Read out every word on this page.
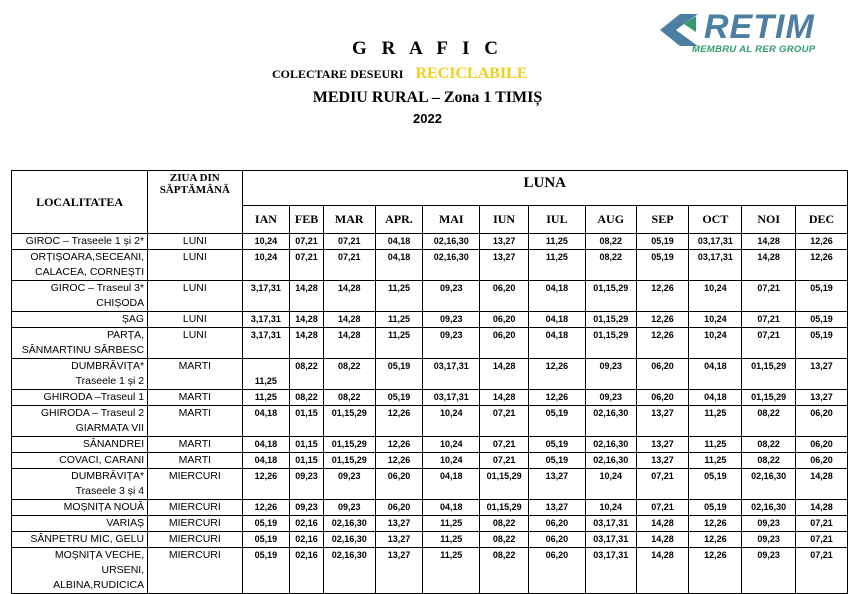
G R A F I C
COLECTARE DESEURI RECICLABILE
MEDIU RURAL – Zona 1 TIMIȘ
2022
RETIM
MEMBRU AL RER GROUP
LOCALITATEA	ZIUA DIN
SĂPTĂMÂNĂ	LUNA											
		IAN	FEB	MAR	APR.	MAI	IUN	IUL	AUG	SEP	OCT	NOI	DEC

GIROC – Traseele 1 și 2*	LUNI	10,24	07,21	07,21	04,18	02,16,30	13,27	11,25	08,22	05,19	03,17,31	14,28	12,26

ORȚIȘOARA,SECEANI,
CALACEA, CORNEȘTI	LUNI	10,24	07,21	07,21	04,18	02,16,30	13,27	11,25	08,22	05,19	03,17,31	14,28	12,26

GIROC – Traseul 3*
CHIȘODA	LUNI	3,17,31	14,28	14,28	11,25	09,23	06,20	04,18	01,15,29	12,26	10,24	07,21	05,19

ȘAG	LUNI	3,17,31	14,28	14,28	11,25	09,23	06,20	04,18	01,15,29	12,26	10,24	07,21	05,19

PARȚA,
SÂNMARTINU SÂRBESC	LUNI	3,17,31	14,28	14,28	11,25	09,23	06,20	04,18	01,15,29	12,26	10,24	07,21	05,19

DUMBRĂVIȚA*
Traseele 1 și 2	MARTI	11,25	08,22	08,22	05,19	03,17,31	14,28	12,26	09,23	06,20	04,18	01,15,29	13,27

GHIRODA –Traseul 1	MARTI	11,25	08,22	08,22	05,19	03,17,31	14,28	12,26	09,23	06,20	04,18	01,15,29	13,27

GHIRODA – Traseul 2
GIARMATA VII	MARTI	04,18	01,15	01,15,29	12,26	10,24	07,21	05,19	02,16,30	13,27	11,25	08,22	06,20

SÂNANDREI	MARTI	04,18	01,15	01,15,29	12,26	10,24	07,21	05,19	02,16,30	13,27	11,25	08,22	06,20

COVACI, CARANI	MARTI	04,18	01,15	01,15,29	12,26	10,24	07,21	05,19	02,16,30	13,27	11,25	08,22	06,20

DUMBRĂVIȚA*
Traseele 3 și 4	MIERCURI	12,26	09,23	09,23	06,20	04,18	01,15,29	13,27	10,24	07,21	05,19	02,16,30	14,28

MOȘNIȚA NOUĂ	MIERCURI	12,26	09,23	09,23	06,20	04,18	01,15,29	13,27	10,24	07,21	05,19	02,16,30	14,28

VARIAȘ	MIERCURI	05,19	02,16	02,16,30	13,27	11,25	08,22	06,20	03,17,31	14,28	12,26	09,23	07,21

SÂNPETRU MIC, GELU	MIERCURI	05,19	02,16	02,16,30	13,27	11,25	08,22	06,20	03,17,31	14,28	12,26	09,23	07,21

MOȘNIȚA VECHE,
URSENI,
ALBINA,RUDICICA	MIERCURI	05,19	02,16	02,16,30	13,27	11,25	08,22	06,20	03,17,31	14,28	12,26	09,23	07,21
